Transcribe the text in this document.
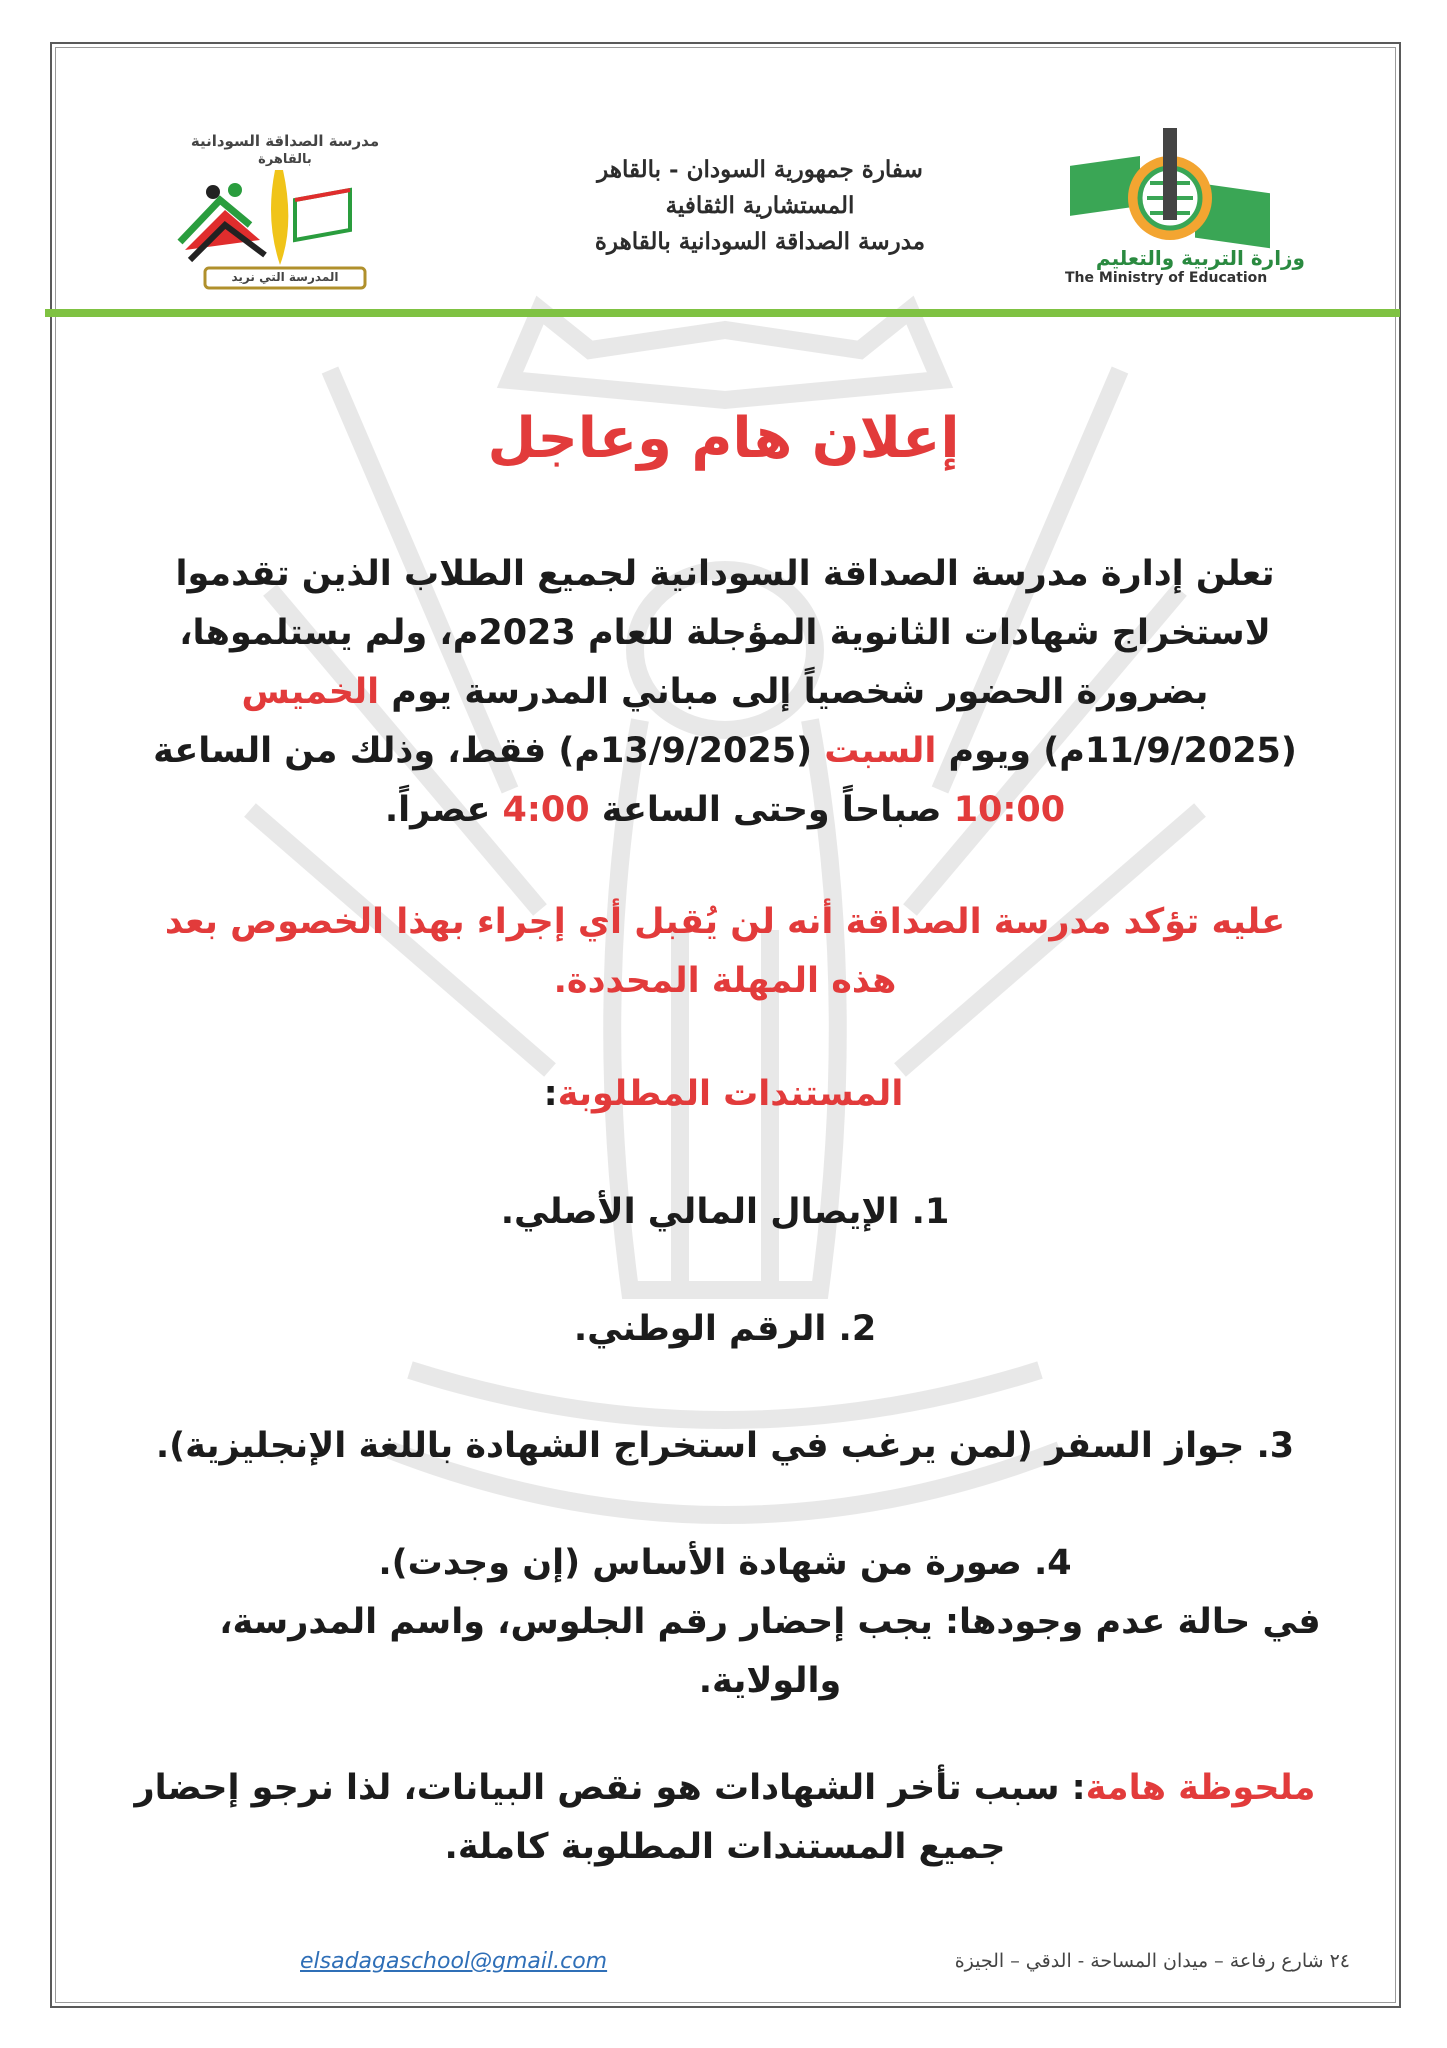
وزارة التربية والتعليم
The Ministry of Education
سفارة جمهورية السودان - بالقاهر
المستشارية الثقافية
مدرسة الصداقة السودانية بالقاهرة
مدرسة الصداقة السودانية
بالقاهرة
المدرسة التي نريد
إعلان هام وعاجل
تعلن إدارة مدرسة الصداقة السودانية لجميع الطلاب الذين تقدموا لاستخراج شهادات الثانوية المؤجلة للعام 2023م، ولم يستلموها، بضرورة الحضور شخصياً إلى مباني المدرسة يوم الخميس (11/9/2025م) ويوم السبت (13/9/2025م) فقط، وذلك من الساعة 10:00 صباحاً وحتى الساعة 4:00 عصراً.
عليه تؤكد مدرسة الصداقة أنه لن يُقبل أي إجراء بهذا الخصوص بعد هذه المهلة المحددة.
المستندات المطلوبة:
1. الإيصال المالي الأصلي.
2. الرقم الوطني.
3. جواز السفر (لمن يرغب في استخراج الشهادة باللغة الإنجليزية).
4. صورة من شهادة الأساس (إن وجدت).
في حالة عدم وجودها: يجب إحضار رقم الجلوس، واسم المدرسة، والولاية.
ملحوظة هامة: سبب تأخر الشهادات هو نقص البيانات، لذا نرجو إحضار جميع المستندات المطلوبة كاملة.
elsadagaschool@gmail.com	٢٤ شارع رفاعة – ميدان المساحة - الدقي – الجيزة
